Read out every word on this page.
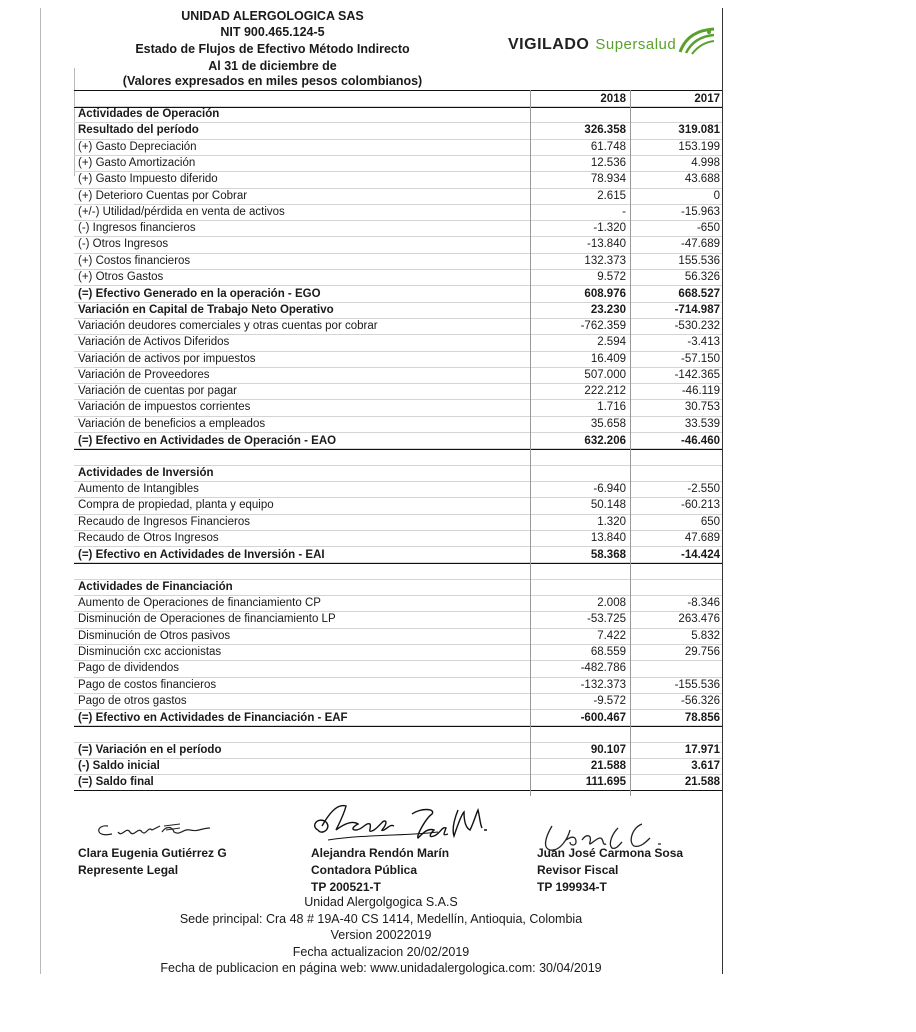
UNIDAD ALERGOLOGICA SAS
NIT 900.465.124-5
Estado de Flujos de Efectivo Método Indirecto
Al 31 de diciembre de
(Valores expresados en miles pesos colombianos)
VIGILADO Supersalud
2018	2017
Actividades de Operación
Resultado del período	326.358	319.081
(+) Gasto Depreciación	61.748	153.199
(+) Gasto Amortización	12.536	4.998
(+) Gasto Impuesto diferido	78.934	43.688
(+) Deterioro Cuentas por Cobrar	2.615	0
(+/-) Utilidad/pérdida en venta de activos	-	-15.963
(-) Ingresos financieros	-1.320	-650
(-) Otros Ingresos	-13.840	-47.689
(+) Costos financieros	132.373	155.536
(+) Otros Gastos	9.572	56.326
(=) Efectivo Generado en la operación - EGO	608.976	668.527
Variación en Capital de Trabajo Neto Operativo	23.230	-714.987
Variación deudores comerciales y otras cuentas por cobrar	-762.359	-530.232
Variación de Activos Diferidos	2.594	-3.413
Variación de activos por impuestos	16.409	-57.150
Variación de Proveedores	507.000	-142.365
Variación de cuentas por pagar	222.212	-46.119
Variación de impuestos corrientes	1.716	30.753
Variación de beneficios a empleados	35.658	33.539
(=) Efectivo en Actividades de Operación - EAO	632.206	-46.460
Actividades de Inversión
Aumento de Intangibles	-6.940	-2.550
Compra de propiedad, planta y equipo	50.148	-60.213
Recaudo de Ingresos Financieros	1.320	650
Recaudo de Otros Ingresos	13.840	47.689
(=) Efectivo en Actividades de Inversión - EAI	58.368	-14.424
Actividades de Financiación
Aumento de Operaciones de financiamiento CP	2.008	-8.346
Disminución de Operaciones de financiamiento LP	-53.725	263.476
Disminución de Otros pasivos	7.422	5.832
Disminución cxc accionistas	68.559	29.756
Pago de dividendos	-482.786
Pago de costos financieros	-132.373	-155.536
Pago de otros gastos	-9.572	-56.326
(=) Efectivo en Actividades de Financiación - EAF	-600.467	78.856
(=) Variación en el período	90.107	17.971
(-) Saldo inicial	21.588	3.617
(=) Saldo final	111.695	21.588
Clara Eugenia Gutiérrez G
Represente Legal
Alejandra Rendón Marín
Contadora Pública
TP 200521-T
Juan José Carmona Sosa
Revisor Fiscal
TP 199934-T
Unidad Alergolgogica S.A.S
Sede principal: Cra 48 # 19A-40 CS 1414, Medellín, Antioquia, Colombia
Version 20022019
Fecha actualizacion 20/02/2019
Fecha de publicacion en página web: www.unidadalergologica.com: 30/04/2019
